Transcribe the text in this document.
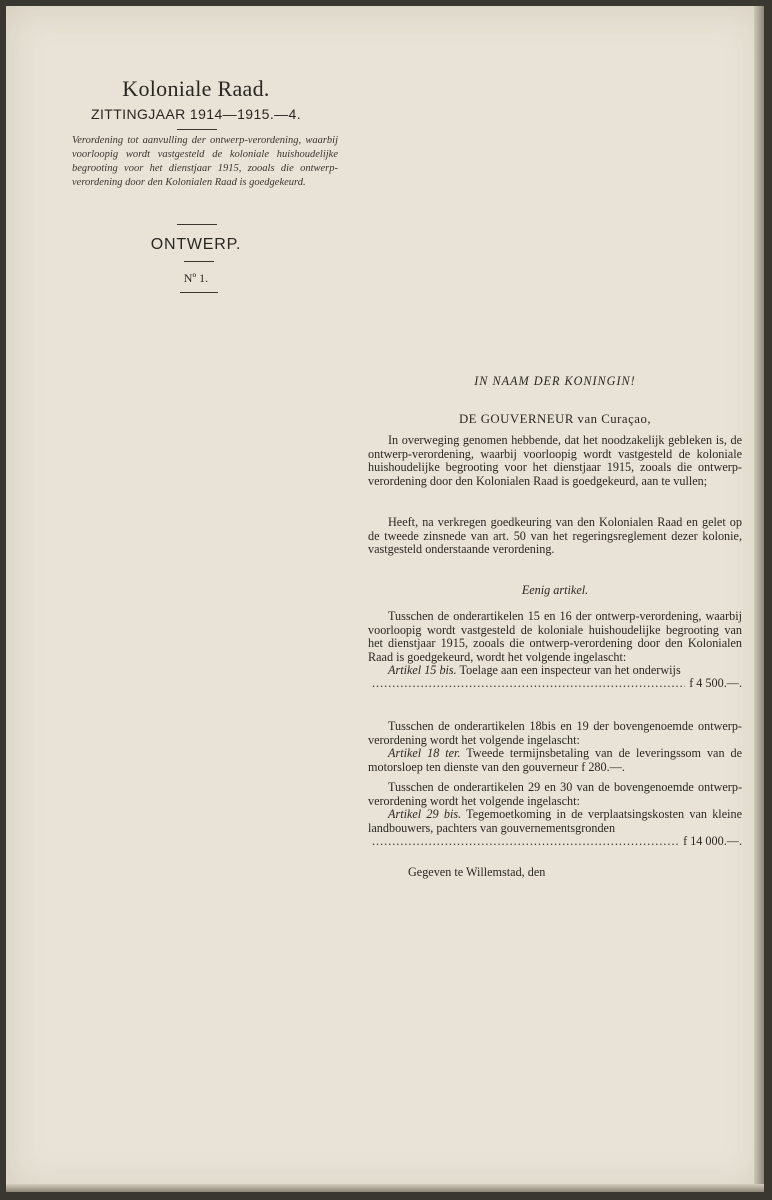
Koloniale Raad.
ZITTINGJAAR 1914—1915.—4.
Verordening tot aanvulling der ontwerp-verordening, waarbij voorloopig wordt vastgesteld de koloniale huishoudelijke begrooting voor het dienstjaar 1915, zooals die ontwerp-verordening door den Kolonialen Raad is goedgekeurd.
ONTWERP.
Nº 1.
IN NAAM DER KONINGIN!
DE GOUVERNEUR van Curaçao,
In overweging genomen hebbende, dat het noodzakelijk gebleken is, de ontwerp-verordening, waarbij voorloopig wordt vastgesteld de koloniale huishoudelijke begrooting voor het dienstjaar 1915, zooals die ontwerp-verordening door den Kolonialen Raad is goedgekeurd, aan te vullen;
Heeft, na verkregen goedkeuring van den Kolonialen Raad en gelet op de tweede zinsnede van art. 50 van het regeringsreglement dezer kolonie, vastgesteld onderstaande verordening.
Eenig artikel.
Tusschen de onderartikelen 15 en 16 der ontwerp-verordening, waarbij voorloopig wordt vastgesteld de koloniale huishoudelijke begrooting van het dienstjaar 1915, zooals die ontwerp-verordening door den Kolonialen Raad is goedgekeurd, wordt het volgende ingelascht:
Artikel 15 bis. Toelage aan een inspecteur van het onderwijs
.....
f 4 500.—.
Tusschen de onderartikelen 18bis en 19 der bovengenoemde ontwerp-verordening wordt het volgende ingelascht:
Artikel 18 ter. Tweede termijnsbetaling van de leveringssom van de motorsloep ten dienste van den gouverneur f 280.—.
Tusschen de onderartikelen 29 en 30 van de bovengenoemde ontwerp-verordening wordt het volgende ingelascht:
Artikel 29 bis. Tegemoetkoming in de verplaatsingskosten van kleine landbouwers, pachters van gouvernementsgronden
.....
f 14 000.—.
Gegeven te Willemstad, den
